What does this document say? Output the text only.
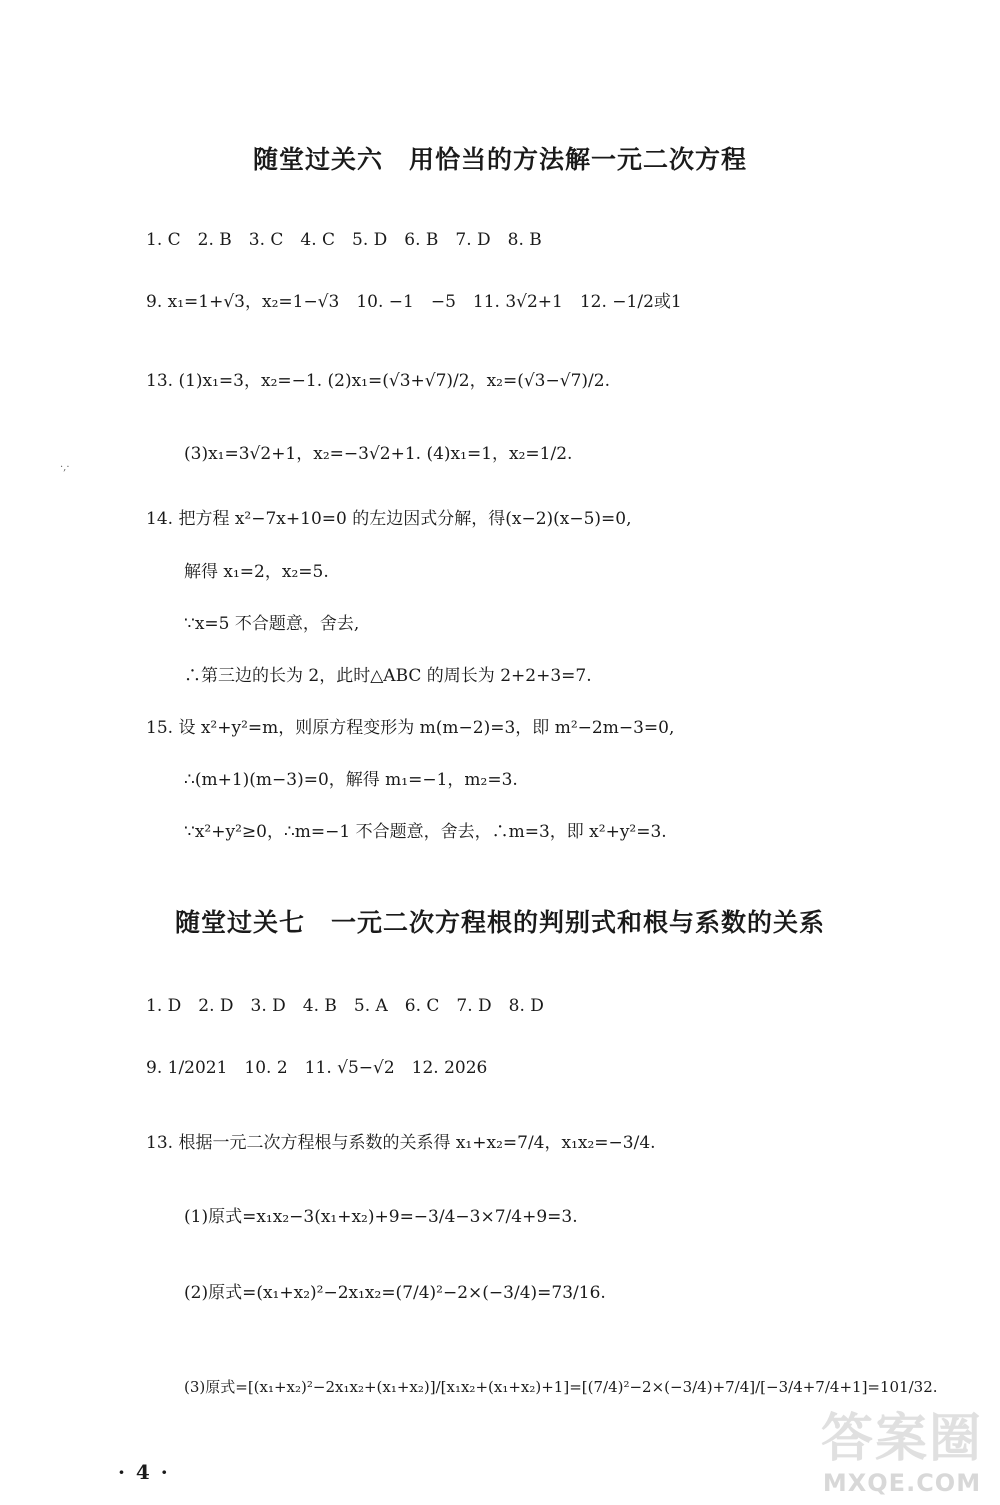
随堂过关六　用恰当的方法解一元二次方程
1. C　2. B　3. C　4. C　5. D　6. B　7. D　8. B
9. x₁=1+√3，x₂=1−√3　10. −1　−5　11. 3√2+1　12. −1/2或1
13. (1)x₁=3，x₂=−1. (2)x₁=(√3+√7)/2，x₂=(√3−√7)/2.
(3)x₁=3√2+1，x₂=−3√2+1. (4)x₁=1，x₂=1/2.
14. 把方程 x²−7x+10=0 的左边因式分解，得(x−2)(x−5)=0,
解得 x₁=2，x₂=5.
∵x=5 不合题意，舍去,
∴第三边的长为 2，此时△ABC 的周长为 2+2+3=7.
15. 设 x²+y²=m，则原方程变形为 m(m−2)=3，即 m²−2m−3=0,
∴(m+1)(m−3)=0，解得 m₁=−1，m₂=3.
∵x²+y²≥0，∴m=−1 不合题意，舍去，∴m=3，即 x²+y²=3.
随堂过关七　一元二次方程根的判别式和根与系数的关系
1. D　2. D　3. D　4. B　5. A　6. C　7. D　8. D
9. 1/2021　10. 2　11. √5−√2　12. 2026
13. 根据一元二次方程根与系数的关系得 x₁+x₂=7/4，x₁x₂=−3/4.
(1)原式=x₁x₂−3(x₁+x₂)+9=−3/4−3×7/4+9=3.
(2)原式=(x₁+x₂)²−2x₁x₂=(7/4)²−2×(−3/4)=73/16.
(3)原式=[(x₁+x₂)²−2x₁x₂+(x₁+x₂)]/[x₁x₂+(x₁+x₂)+1]=[(7/4)²−2×(−3/4)+7/4]/[−3/4+7/4+1]=101/32.
· 4 ·
·,·
答案圈
MXQE.COM
